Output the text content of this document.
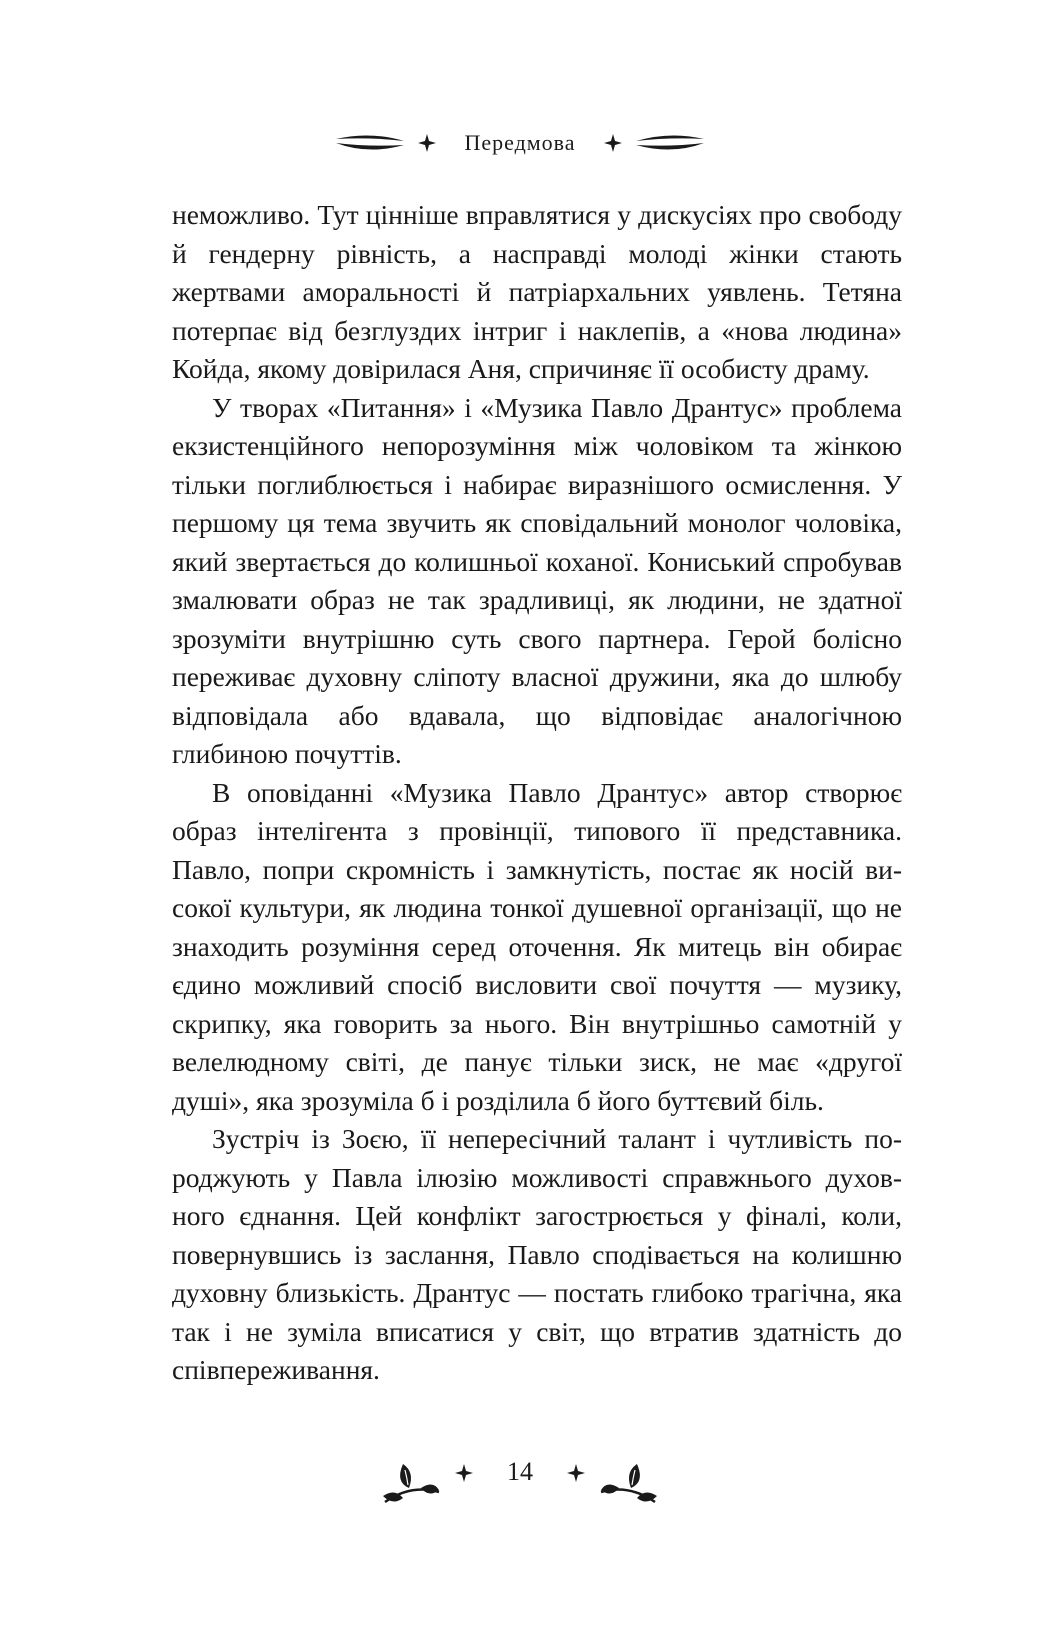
Передмова

неможливо. Тут ціннiше вправлятися у дискусiях про свободу й гендерну рiвнiсть, а насправдi молодi жiнки стають жертвами аморальностi й патрiархальних уявлень. Тетяна потерпає вiд безглуздих iнтриг i наклепiв, а «нова людина» Койда, якому довiрилася Аня, спричиняє її особисту драму.

У творах «Питання» i «Музика Павло Дрантус» проблема екзистенцiйного непорозумiння мiж чоловiком та жiнкою тiльки поглиблюється i набирає виразнiшого осмислення. У першому ця тема звучить як сповiдальний монолог чоловiка, який звертається до колишньої коханої. Кониський спробував змалювати образ не так зрадливицi, як людини, не здатної зрозумiти внутрiшню суть свого партнера. Герой болiсно переживає духовну слiпоту власної дружини, яка до шлюбу вiдповiдала або вдавала, що вiдповiдає аналогiчною глибиною почуттiв.

В оповiданнi «Музика Павло Дрантус» автор створює образ iнтелiгента з провiнцiї, типового її представника. Павло, попри скромнiсть i замкнутiсть, постає як носiй високої культури, як людина тонкої душевної органiзацiї, що не знаходить розумiння серед оточення. Як митець вiн обирає єдино можливий спосiб висловити свої почуття — музику, скрипку, яка говорить за нього. Вiн внутрiшньо самотнiй у велелюдному свiтi, де панує тiльки зиск, не має «другої душi», яка зрозумiла б i роздiлила б його буттєвий бiль.

Зустрiч iз Зоєю, її непересiчний талант i чутливiсть породжують у Павла iлюзiю можливостi справжнього духовного єднання. Цей конфлiкт загострюється у фiналi, коли, повернувшись iз заслання, Павло сподiвається на колишню духовну близькiсть. Дрантус — постать глибоко трагiчна, яка так i не зумiла вписатися у свiт, що втратив здатнiсть до спiвпереживання.

14
